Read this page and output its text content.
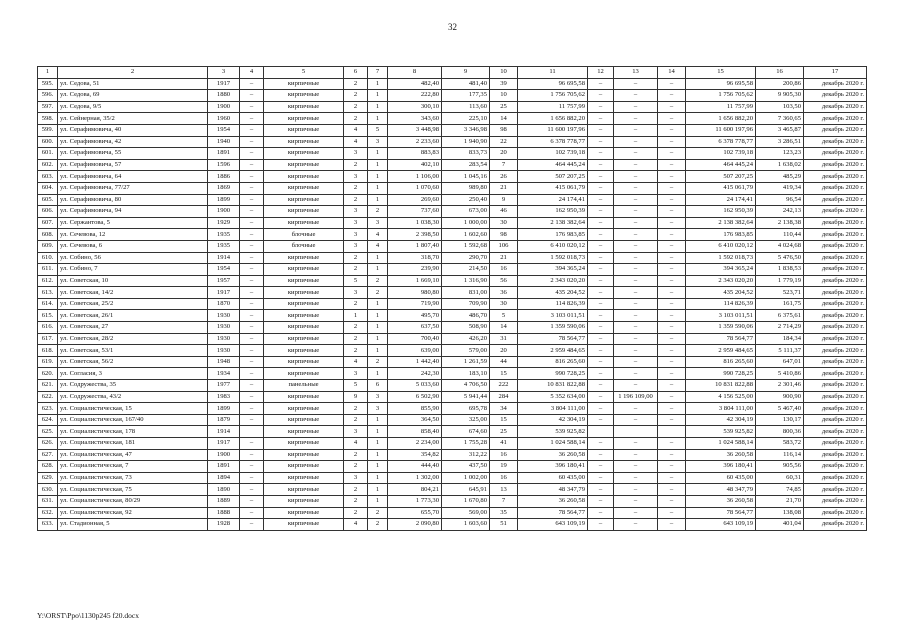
32
1	2	3	4	5	6	7	8	9	10	11	12	13	14	15	16	17
595.	ул. Седова, 51	1917	–	кирпичные	2	1	482,40	481,40	39	96 695,58	–	–	–	96 695,58	200,86	декабрь 2020 г.
596.	ул. Седова, 69	1880	–	кирпичные	2	1	222,80	177,35	10	1 756 705,62	–	–	–	1 756 705,62	9 905,30	декабрь 2020 г.
597.	ул. Седова, 9/5	1900	–	кирпичные	2	1	300,10	113,60	25	11 757,99	–	–	–	11 757,99	103,50	декабрь 2020 г.
598.	ул. Сейнерная, 35/2	1960	–	кирпичные	2	1	343,60	225,10	14	1 656 882,20	–	–	–	1 656 882,20	7 360,65	декабрь 2020 г.
599.	ул. Серафимовича, 40	1954	–	кирпичные	4	5	3 448,98	3 346,98	98	11 600 197,96	–	–	–	11 600 197,96	3 465,87	декабрь 2020 г.
600.	ул. Серафимовича, 42	1940	–	кирпичные	4	3	2 233,60	1 940,90	22	6 378 778,77	–	–	–	6 378 778,77	3 286,51	декабрь 2020 г.
601.	ул. Серафимовича, 55	1891	–	кирпичные	3	1	883,83	833,73	20	102 739,18	–	–	–	102 739,18	123,23	декабрь 2020 г.
602.	ул. Серафимовича, 57	1596	–	кирпичные	2	1	402,10	283,54	7	464 445,24	–	–	–	464 445,24	1 638,02	декабрь 2020 г.
603.	ул. Серафимовича, 64	1886	–	кирпичные	3	1	1 106,00	1 045,16	26	507 207,25	–	–	–	507 207,25	485,29	декабрь 2020 г.
604.	ул. Серафимовича, 77/27	1869	–	кирпичные	2	1	1 070,60	989,80	21	415 061,79	–	–	–	415 061,79	419,34	декабрь 2020 г.
605.	ул. Серафимовича, 80	1899	–	кирпичные	2	1	269,60	250,40	9	24 174,41	–	–	–	24 174,41	96,54	декабрь 2020 г.
606.	ул. Серафимовича, 94	1900	–	кирпичные	3	2	737,60	673,00	46	162 950,39	–	–	–	162 950,39	242,13	декабрь 2020 г.
607.	ул. Сержантова, 5	1929	–	кирпичные	3	3	1 038,30	1 000,00	30	2 138 382,64	–	–	–	2 138 382,64	2 138,38	декабрь 2020 г.
608.	ул. Сечевова, 12	1935	–	блочные	3	4	2 398,50	1 602,60	98	176 983,85	–	–	–	176 983,85	110,44	декабрь 2020 г.
609.	ул. Сечевова, 6	1935	–	блочные	3	4	1 807,40	1 592,68	106	6 410 020,12	–	–	–	6 410 020,12	4 024,68	декабрь 2020 г.
610.	ул. Собино, 56	1914	–	кирпичные	2	1	318,70	290,70	21	1 592 018,73	–	–	–	1 592 018,73	5 476,50	декабрь 2020 г.
611.	ул. Собино, 7	1954	–	кирпичные	2	1	239,90	214,50	16	394 365,24	–	–	–	394 365,24	1 838,53	декабрь 2020 г.
612.	ул. Советская, 10	1957	–	кирпичные	5	2	1 669,10	1 316,90	56	2 343 020,20	–	–	–	2 343 020,20	1 779,19	декабрь 2020 г.
613.	ул. Советская, 14/2	1917	–	кирпичные	3	2	980,80	831,00	36	435 204,52	–	–	–	435 204,52	523,71	декабрь 2020 г.
614.	ул. Советская, 25/2	1870	–	кирпичные	2	1	719,90	709,90	30	114 826,39	–	–	–	114 826,39	161,75	декабрь 2020 г.
615.	ул. Советская, 26/1	1930	–	кирпичные	1	1	495,70	486,70	5	3 103 011,51	–	–	–	3 103 011,51	6 375,61	декабрь 2020 г.
616.	ул. Советская, 27	1930	–	кирпичные	2	1	637,50	508,90	14	1 359 590,06	–	–	–	1 359 590,06	2 714,29	декабрь 2020 г.
617.	ул. Советская, 28/2	1930	–	кирпичные	2	1	700,40	426,20	31	78 564,77	–	–	–	78 564,77	184,34	декабрь 2020 г.
618.	ул. Советская, 53/1	1930	–	кирпичные	2	1	639,00	579,00	20	2 959 484,65	–	–	–	2 959 484,65	5 111,37	декабрь 2020 г.
619.	ул. Советская, 56/2	1948	–	кирпичные	4	2	1 442,40	1 261,59	44	816 265,60	–	–	–	816 265,60	647,01	декабрь 2020 г.
620.	ул. Согласия, 3	1934	–	кирпичные	3	1	242,30	183,10	15	990 728,25	–	–	–	990 728,25	5 410,86	декабрь 2020 г.
621.	ул. Содружества, 35	1977	–	панельные	5	6	5 033,60	4 706,50	222	10 831 822,88	–	–	–	10 831 822,88	2 301,46	декабрь 2020 г.
622.	ул. Содружества, 43/2	1983	–	кирпичные	9	3	6 502,90	5 941,44	284	5 352 634,00	–	1 196 109,00	–	4 156 525,00	900,90	декабрь 2020 г.
623.	ул. Социалистическая, 15	1899	–	кирпичные	2	3	855,90	695,78	34	3 804 111,00	–	–	–	3 804 111,00	5 467,40	декабрь 2020 г.
624.	ул. Социалистическая, 167/40	1879	–	кирпичные	2	1	364,50	325,00	15	42 304,19	–	–	–	42 304,19	130,17	декабрь 2020 г.
625.	ул. Социалистическая, 178	1914		кирпичные	3	1	858,40	674,60	25	539 925,82				539 925,82	800,36	декабрь 2020 г.
626.	ул. Социалистическая, 181	1917	–	кирпичные	4	1	2 234,00	1 755,28	41	1 024 588,14	–	–	–	1 024 588,14	583,72	декабрь 2020 г.
627.	ул. Социалистическая, 47	1900	–	кирпичные	2	1	354,82	312,22	16	36 260,58	–	–	–	36 260,58	116,14	декабрь 2020 г.
628.	ул. Социалистическая, 7	1891	–	кирпичные	2	1	444,40	437,50	19	396 180,41	–	–	–	396 180,41	905,56	декабрь 2020 г.
629.	ул. Социалистическая, 73	1894	–	кирпичные	3	1	1 302,00	1 002,00	16	60 435,00	–	–	–	60 435,00	60,31	декабрь 2020 г.
630.	ул. Социалистическая, 75	1890	–	кирпичные	2	1	804,21	645,91	13	48 347,79	–	–	–	48 347,79	74,85	декабрь 2020 г.
631.	ул. Социалистическая, 80/29	1889	–	кирпичные	2	1	1 773,30	1 670,80	7	36 260,58	–	–	–	36 260,58	21,70	декабрь 2020 г.
632.	ул. Социалистическая, 92	1888	–	кирпичные	2	2	655,70	569,00	35	78 564,77	–	–	–	78 564,77	138,08	декабрь 2020 г.
633.	ул. Стадионная, 5	1928	–	кирпичные	4	2	2 090,80	1 603,60	51	643 109,19	–	–	–	643 109,19	401,04	декабрь 2020 г.
Y:\ORST\Ppo\1130p245 f20.docx
